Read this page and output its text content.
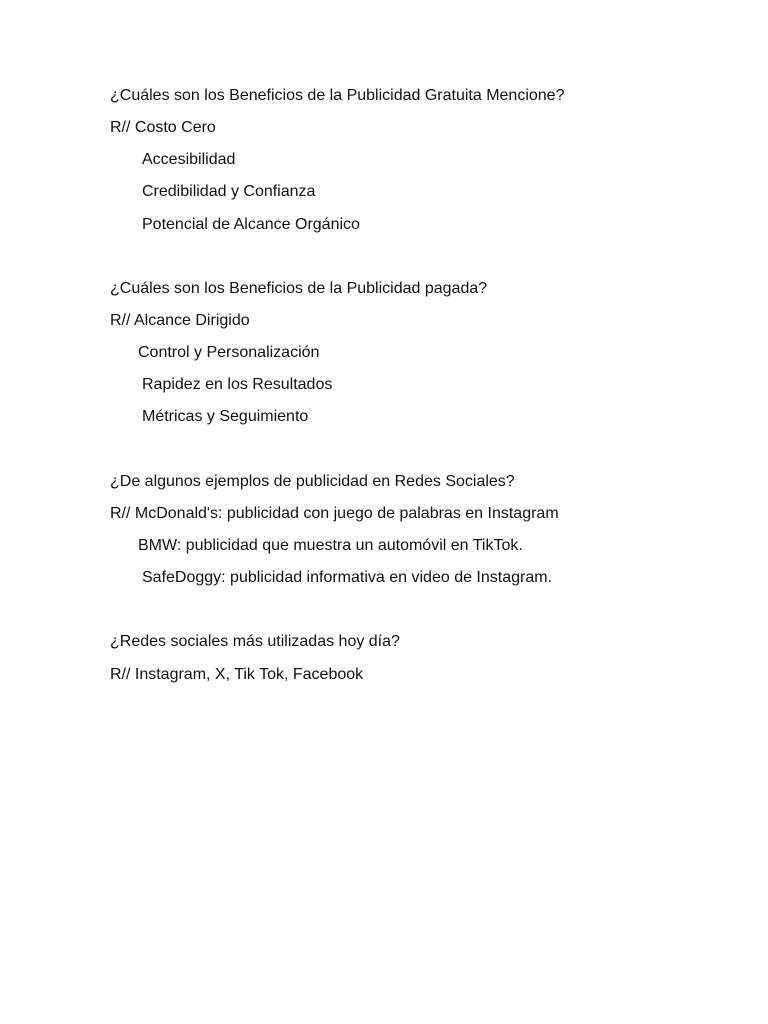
¿Cuáles son los Beneficios de la Publicidad Gratuita Mencione?
R// Costo Cero
Accesibilidad
Credibilidad y Confianza
Potencial de Alcance Orgánico
¿Cuáles son los Beneficios de la Publicidad pagada?
R// Alcance Dirigido
Control y Personalización
Rapidez en los Resultados
Métricas y Seguimiento
¿De algunos ejemplos de publicidad en Redes Sociales?
R// McDonald's: publicidad con juego de palabras en Instagram
BMW: publicidad que muestra un automóvil en TikTok.
SafeDoggy: publicidad informativa en video de Instagram.
¿Redes sociales más utilizadas hoy día?
R// Instagram, X, Tik Tok, Facebook
